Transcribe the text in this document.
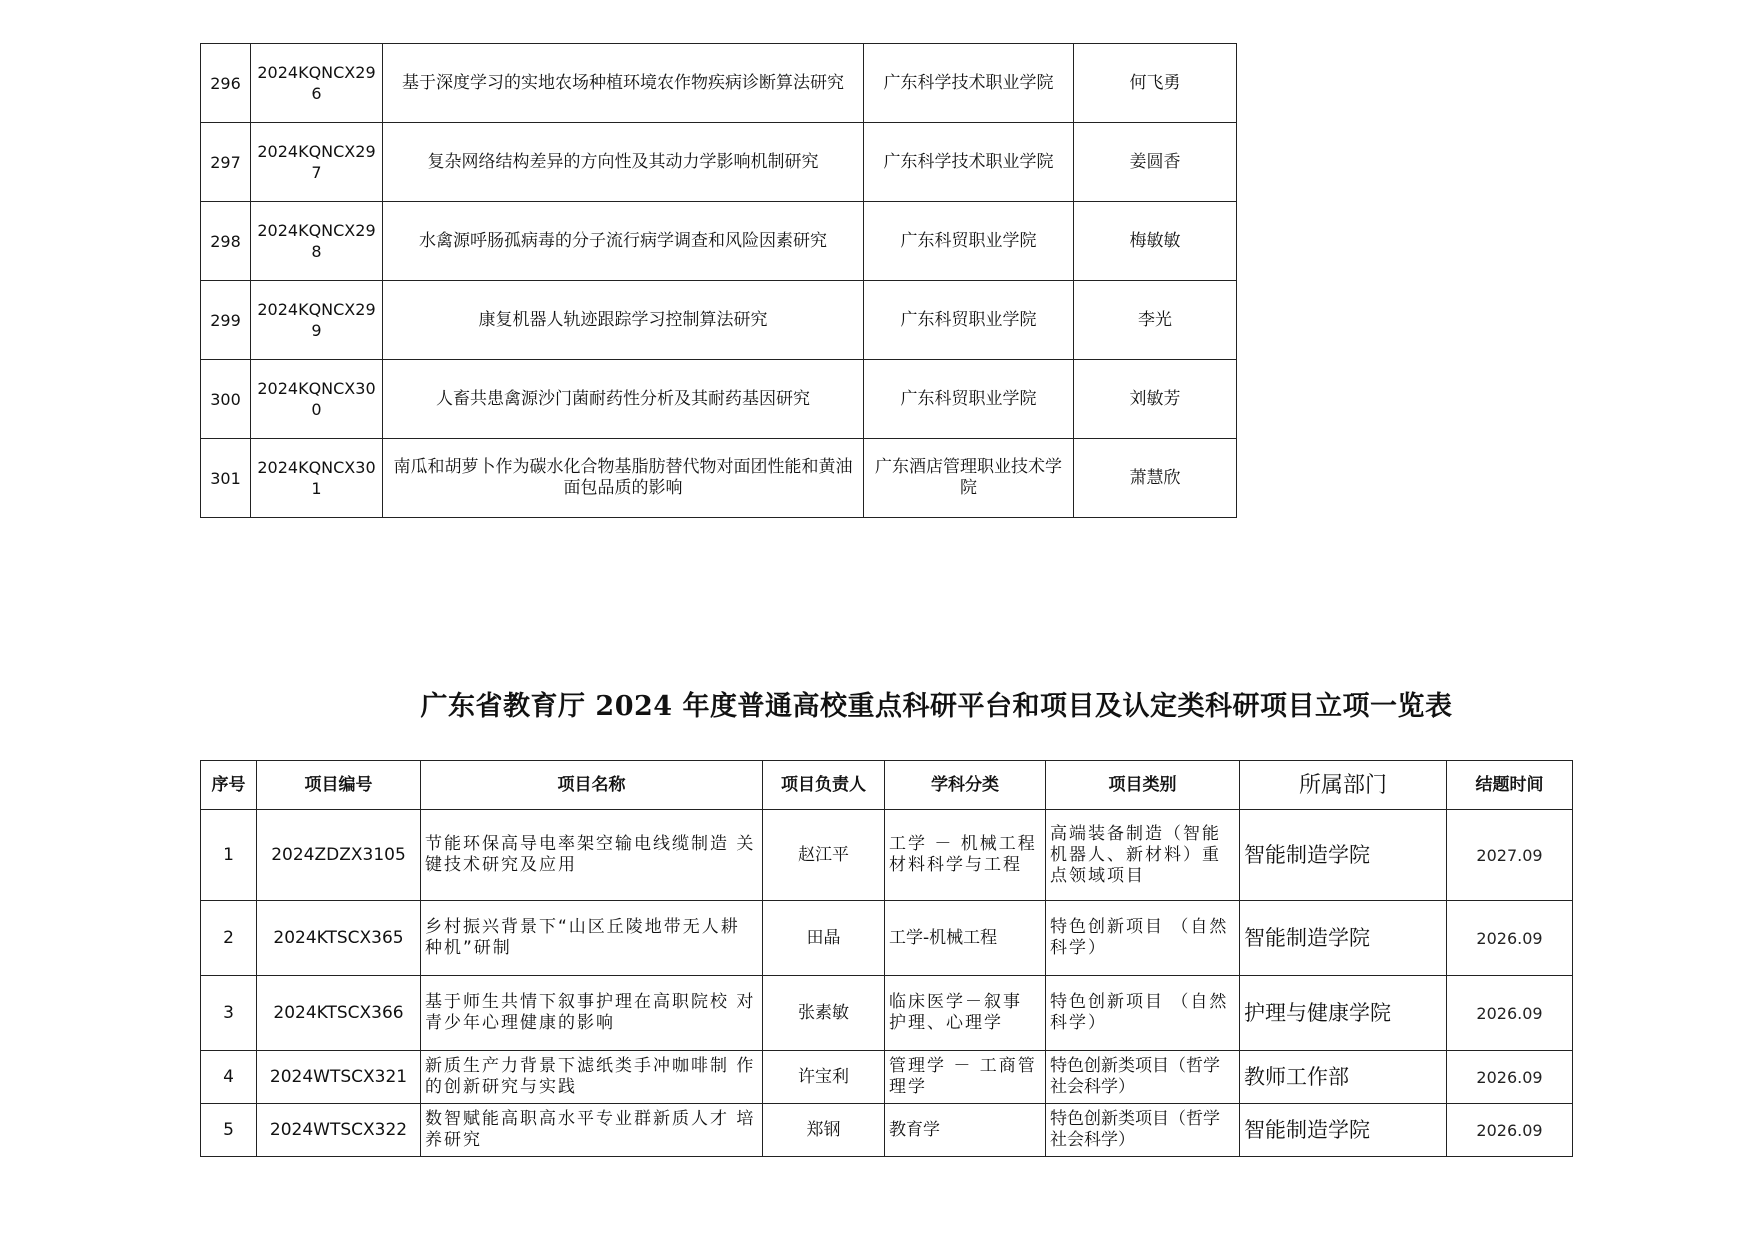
296	2024KQNCX296	基于深度学习的实地农场种植环境农作物疾病诊断算法研究	广东科学技术职业学院	何飞勇
297	2024KQNCX297	复杂网络结构差异的方向性及其动力学影响机制研究	广东科学技术职业学院	姜圆香
298	2024KQNCX298	水禽源呼肠孤病毒的分子流行病学调查和风险因素研究	广东科贸职业学院	梅敏敏
299	2024KQNCX299	康复机器人轨迹跟踪学习控制算法研究	广东科贸职业学院	李光
300	2024KQNCX300	人畜共患禽源沙门菌耐药性分析及其耐药基因研究	广东科贸职业学院	刘敏芳
301	2024KQNCX301	南瓜和胡萝卜作为碳水化合物基脂肪替代物对面团性能和黄油面包品质的影响	广东酒店管理职业技术学院	萧慧欣
广东省教育厅 2024 年度普通高校重点科研平台和项目及认定类科研项目立项一览表
序号	项目编号	项目名称	项目负责人	学科分类	项目类别	所属部门	结题时间
1	2024ZDZX3105	节能环保高导电率架空输电线缆制造 关键技术研究及应用	赵江平	工学 － 机械工程 材料科学与工程	高端装备制造（智能机器人、新材料）重点领域项目	智能制造学院	2027.09
2	2024KTSCX365	乡村振兴背景下“山区丘陵地带无人耕种机”研制	田晶	工学-机械工程	特色创新项目 （自然科学）	智能制造学院	2026.09
3	2024KTSCX366	基于师生共情下叙事护理在高职院校 对青少年心理健康的影响	张素敏	临床医学－叙事 护理、心理学	特色创新项目 （自然科学）	护理与健康学院	2026.09
4	2024WTSCX321	新质生产力背景下滤纸类手冲咖啡制 作的创新研究与实践	许宝利	管理学 － 工商管 理学	特色创新类项目（哲学社会科学）	教师工作部	2026.09
5	2024WTSCX322	数智赋能高职高水平专业群新质人才 培养研究	郑钢	教育学	特色创新类项目（哲学社会科学）	智能制造学院	2026.09
